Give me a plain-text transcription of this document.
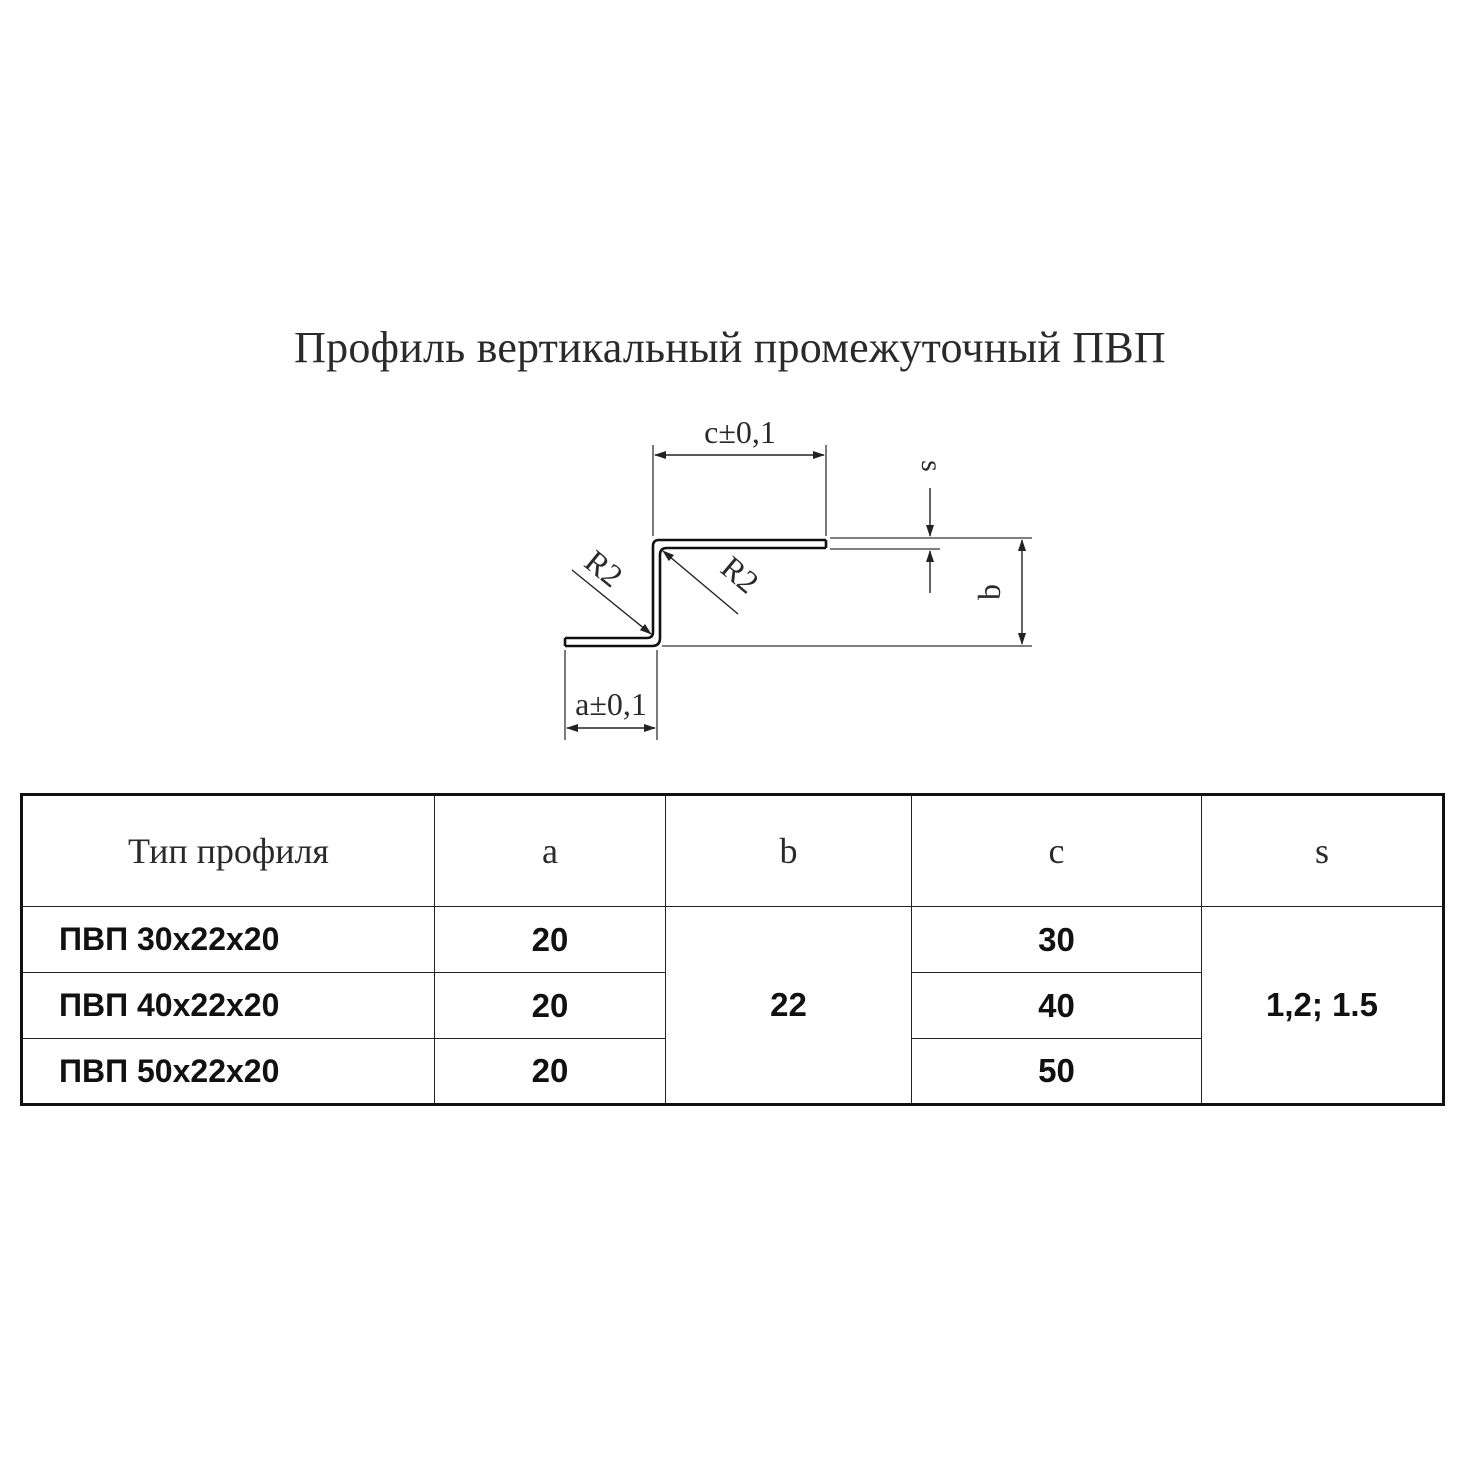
Профиль вертикальный промежуточный ПВП
с±0,1
а±0,1
s
b
R2	R2
Тип профиля	a	b	c	s
ПВП 30х22х20	20	22	30	1,2; 1.5
ПВП 40х22х20	20		40	
ПВП 50х22х20	20		50	
